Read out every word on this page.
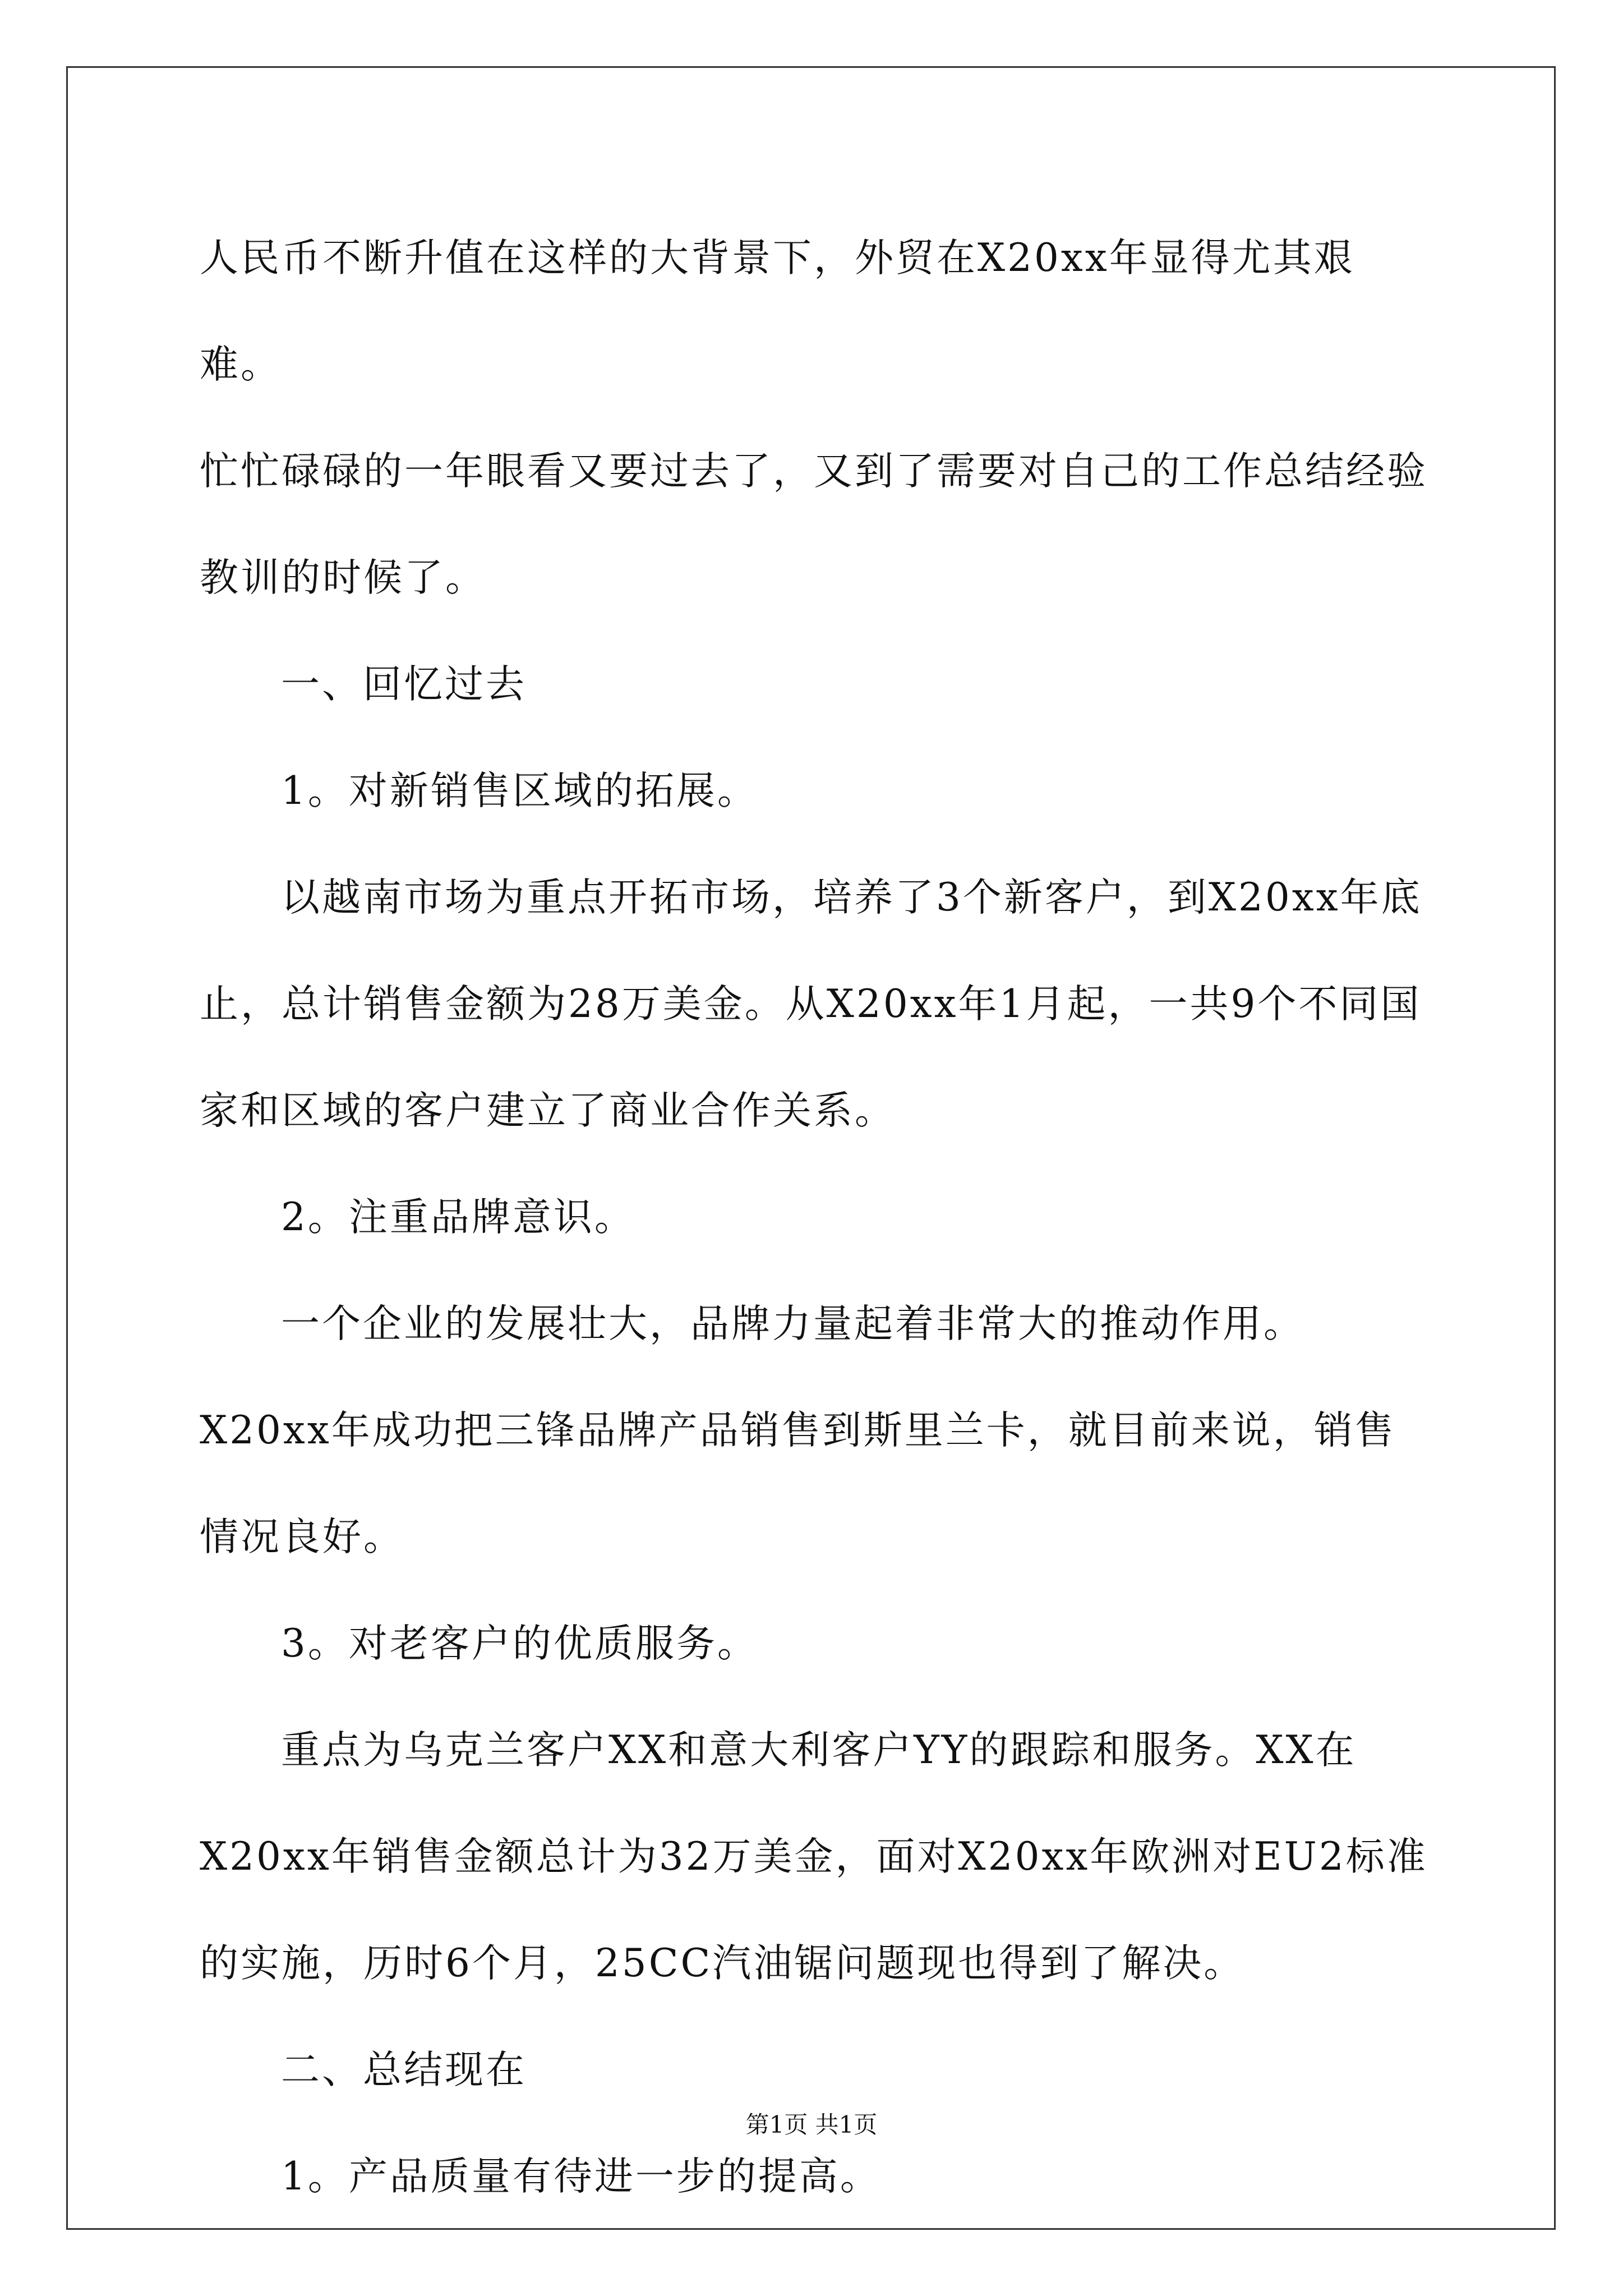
人民币不断升值在这样的大背景下，外贸在X20xx年显得尤其艰难。

忙忙碌碌的一年眼看又要过去了，又到了需要对自己的工作总结经验教训的时候了。

一、回忆过去

1。对新销售区域的拓展。

以越南市场为重点开拓市场，培养了3个新客户，到X20xx年底止，总计销售金额为28万美金。从X20xx年1月起，一共9个不同国家和区域的客户建立了商业合作关系。

2。注重品牌意识。

一个企业的发展壮大，品牌力量起着非常大的推动作用。X20xx年成功把三锋品牌产品销售到斯里兰卡，就目前来说，销售情况良好。

3。对老客户的优质服务。

重点为乌克兰客户XX和意大利客户YY的跟踪和服务。XX在X20xx年销售金额总计为32万美金，面对X20xx年欧洲对EU2标准的实施，历时6个月，25CC汽油锯问题现也得到了解决。

二、总结现在

1。产品质量有待进一步的提高。

第1页 共1页
